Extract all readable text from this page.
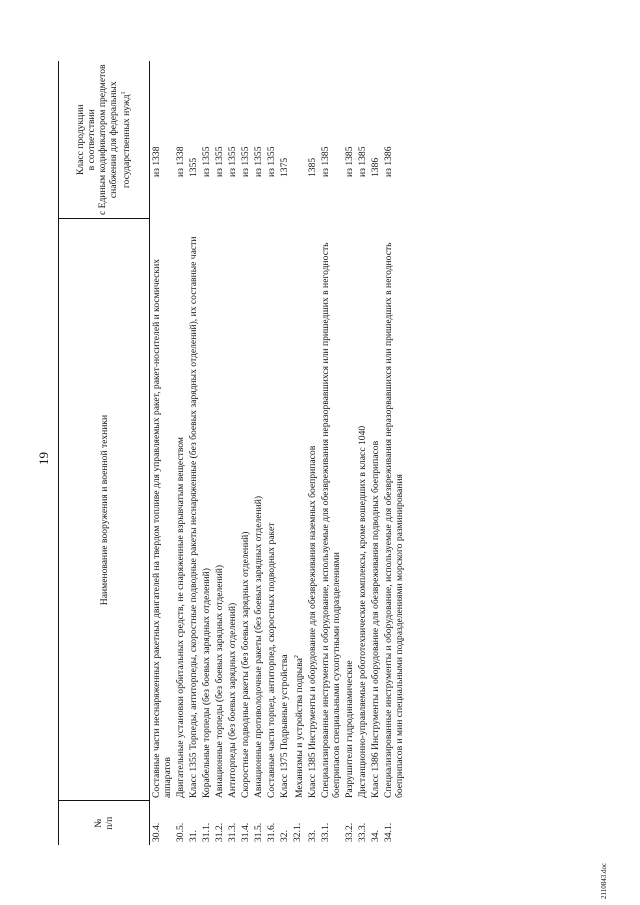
19
№
п/п	Наименование вооружения и военной техники	Класс продукции
в соответствии
с Единым кодификатором предметов
снабжения для федеральных
государственных нужд$^1$
30.4.	Составные части неснаряженных ракетных двигателей на твердом топливе для управляемых ракет, ракет-носителей и космических аппаратов	из 1338
30.5.	Двигательные установки орбитальных средств, не снаряженные взрывчатым веществом	из 1338
31.	Класс 1355 Торпеды, антиторпеды, скоростные подводные ракеты неснаряженные (без боевых зарядных отделений), их составные части	1355
31.1.	Корабельные торпеды (без боевых зарядных отделений)	из 1355
31.2.	Авиационные торпеды (без боевых зарядных отделений)	из 1355
31.3.	Антиторпеды (без боевых зарядных отделений)	из 1355
31.4.	Скоростные подводные ракеты (без боевых зарядных отделений)	из 1355
31.5.	Авиационные противолодочные ракеты (без боевых зарядных отделений)	из 1355
31.6.	Составные части торпед, антиторпед, скоростных подводных ракет	из 1355
32.	Класс 1375 Подрывные устройства	1375
32.1.	Механизмы и устройства подрыва$^2$	
33.	Класс 1385 Инструменты и оборудование для обезвреживания наземных боеприпасов	1385
33.1.	Специализированные инструменты и оборудование, используемые для обезвреживания неразорвавшихся или пришедших в негодность боеприпасов специальными сухопутными подразделениями	из 1385
33.2.	Разрушители гидродинамические	из 1385
33.3.	Дистанционно-управляемые робототехнические комплексы, кроме вошедших в класс 1040	из 1385
34.	Класс 1386 Инструменты и оборудование для обезвреживания подводных боеприпасов	1386
34.1.	Специализированные инструменты и оборудование, используемые для обезвреживания неразорвавшихся или пришедших в негодность боеприпасов и мин специальными подразделениями морского разминирования	из 1386
2110843.doc
